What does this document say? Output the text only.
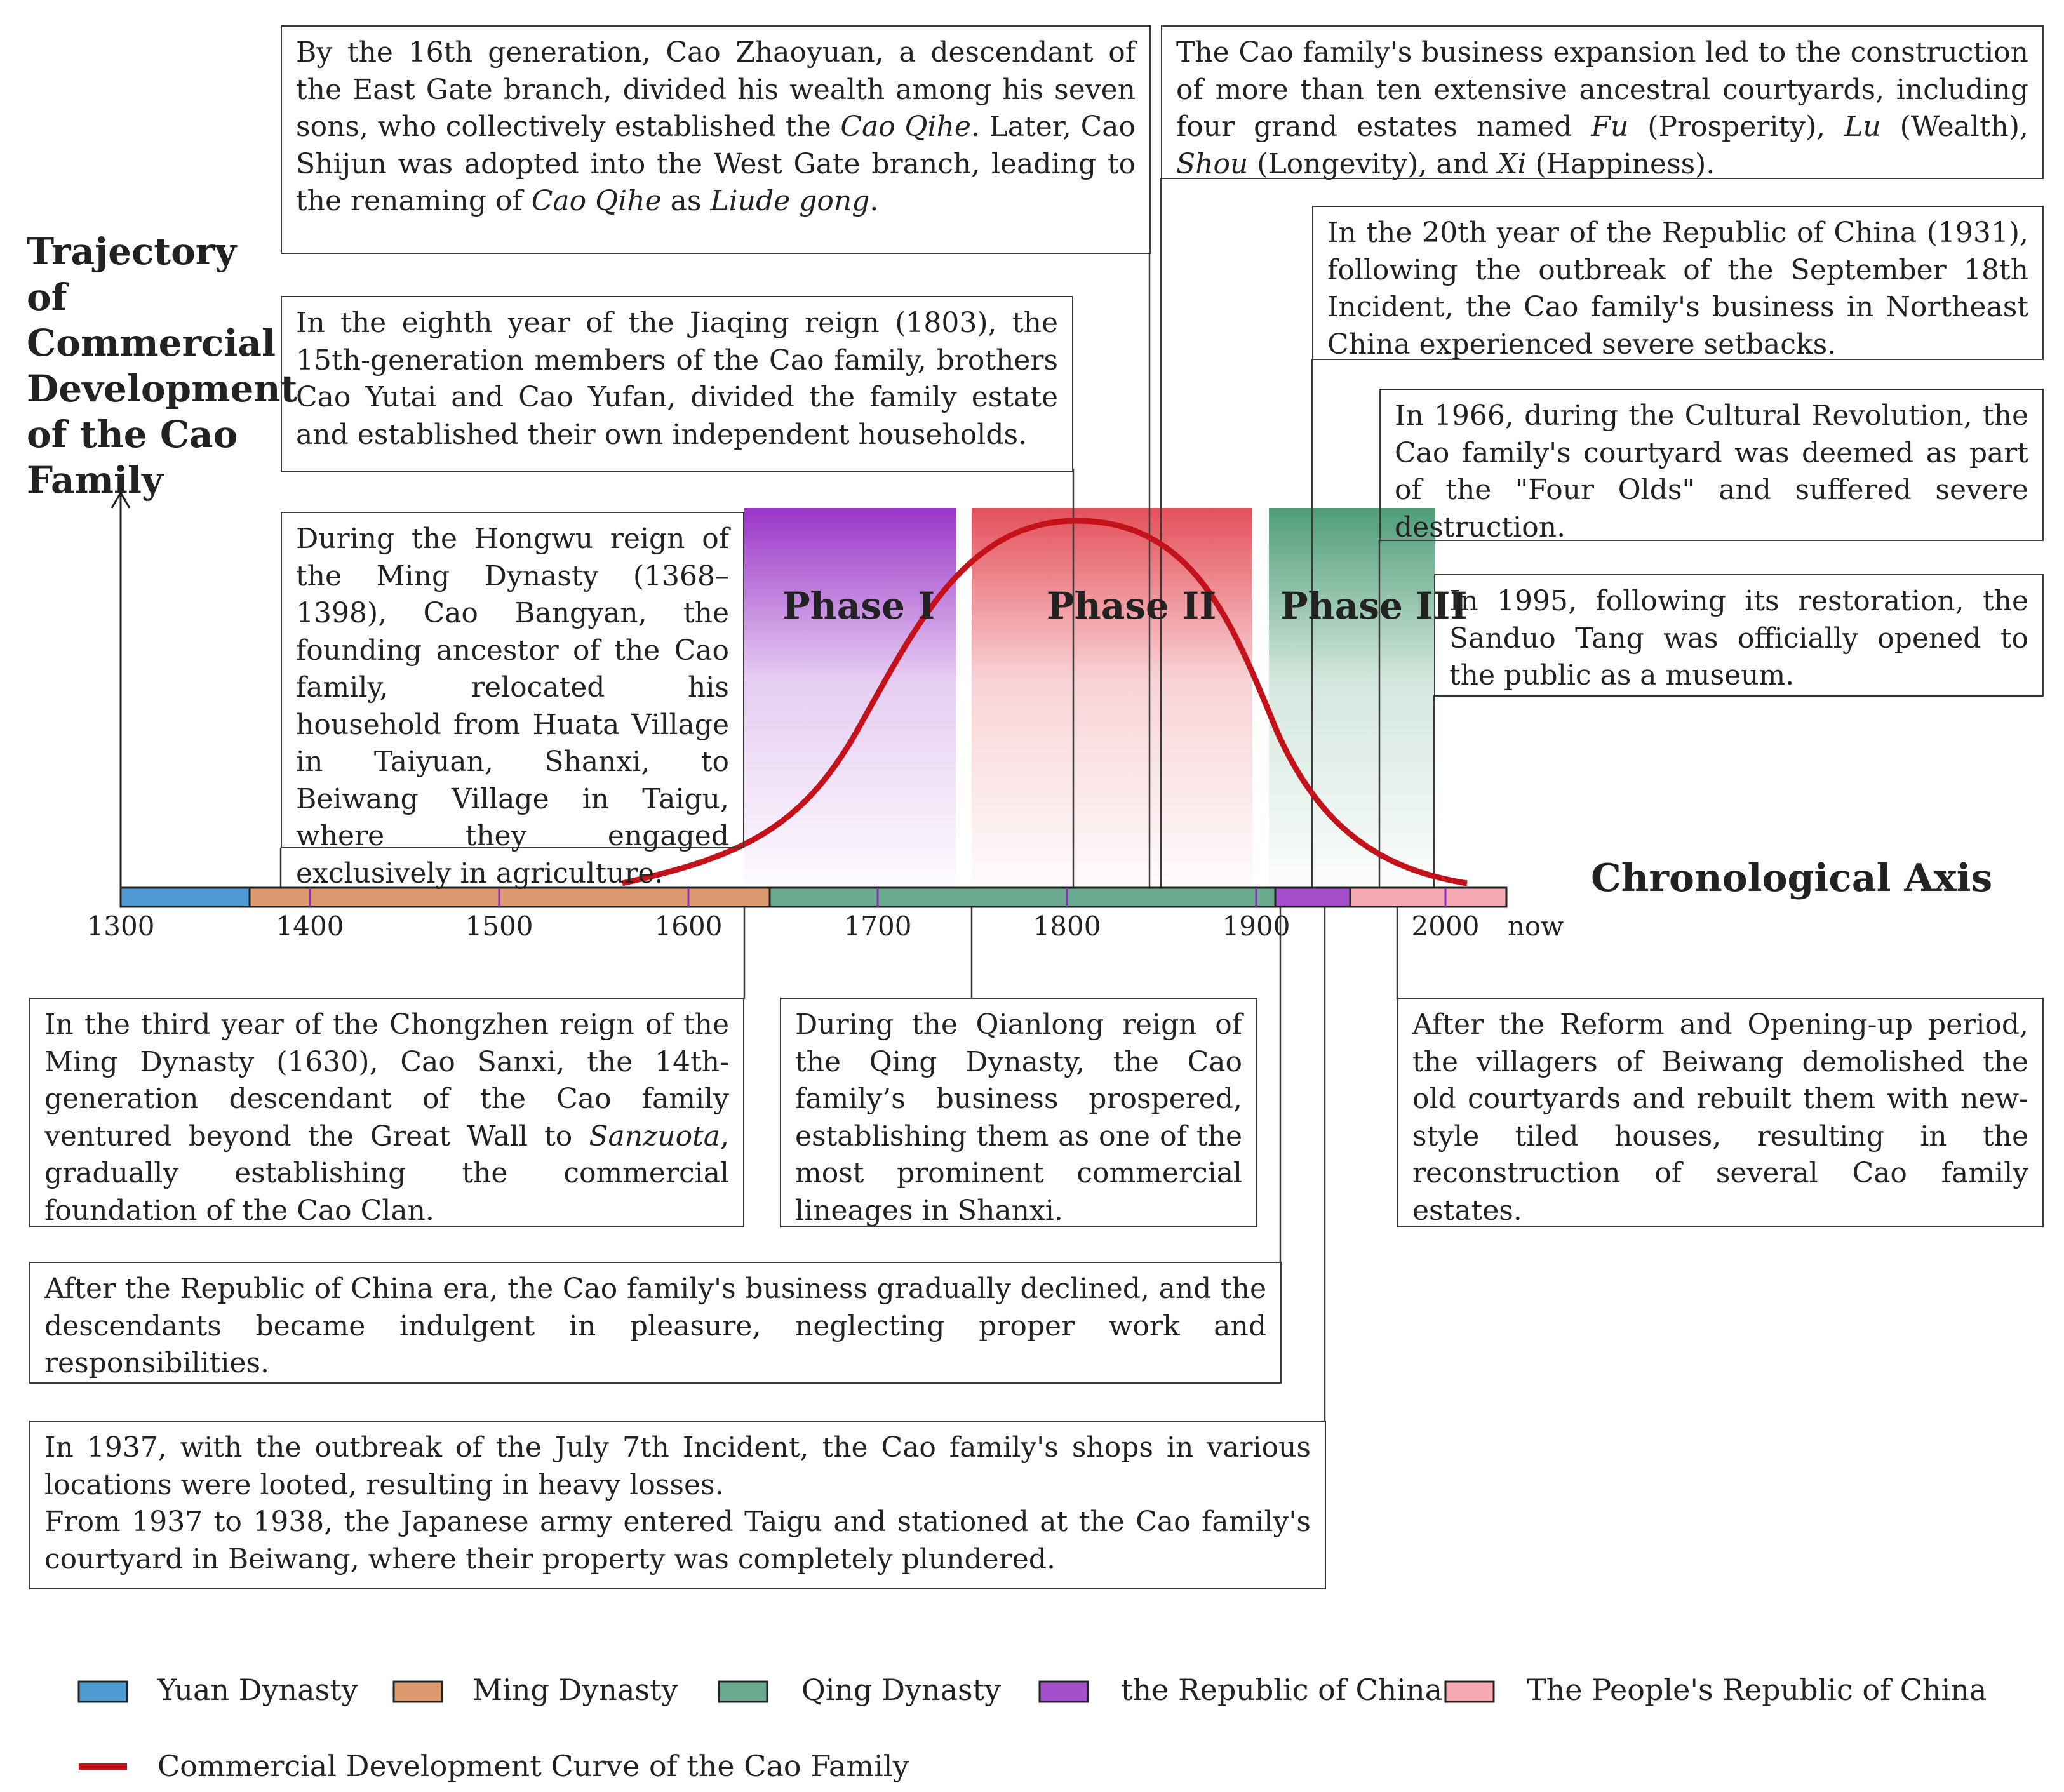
Trajectory of Commercial Development of the Cao Family
Chronological Axis
1300	1400	1500	1600	1700	1800	1900	2000 now
Phase I	Phase II Phase III

By the 16th generation, Cao Zhaoyuan, a descendant of the East Gate branch, divided his wealth among his seven sons, who collectively established the Cao Qihe. Later, Cao Shijun was adopted into the West Gate branch, leading to the renaming of Cao Qihe as Liude gong.

In the eighth year of the Jiaqing reign (1803), the 15th-generation members of the Cao family, brothers Cao Yutai and Cao Yufan, divided the family estate and established their own independent households.

During the Hongwu reign of the Ming Dynasty (1368–1398), Cao Bangyan, the founding ancestor of the Cao family, relocated his household from Huata Village in Taiyuan, Shanxi, to Beiwang Village in Taigu, where they engaged exclusively in agriculture.

The Cao family's business expansion led to the construction of more than ten extensive ancestral courtyards, including four grand estates named Fu (Prosperity), Lu (Wealth), Shou (Longevity), and Xi (Happiness).

In the 20th year of the Republic of China (1931), following the outbreak of the September 18th Incident, the Cao family's business in Northeast China experienced severe setbacks.

In 1966, during the Cultural Revolution, the Cao family's courtyard was deemed as part of the "Four Olds" and suffered severe destruction.

In 1995, following its restoration, the Sanduo Tang was officially opened to the public as a museum.

In the third year of the Chongzhen reign of the Ming Dynasty (1630), Cao Sanxi, the 14th-generation descendant of the Cao family ventured beyond the Great Wall to Sanzuota, gradually establishing the commercial foundation of the Cao Clan.

During the Qianlong reign of the Qing Dynasty, the Cao family’s business prospered, establishing them as one of the most prominent commercial lineages in Shanxi.

After the Reform and Opening-up period, the villagers of Beiwang demolished the old courtyards and rebuilt them with new-style tiled houses, resulting in the reconstruction of several Cao family estates.

After the Republic of China era, the Cao family's business gradually declined, and the descendants became indulgent in pleasure, neglecting proper work and responsibilities.

In 1937, with the outbreak of the July 7th Incident, the Cao family's shops in various locations were looted, resulting in heavy losses.

From 1937 to 1938, the Japanese army entered Taigu and stationed at the Cao family's courtyard in Beiwang, where their property was completely plundered.

Yuan Dynasty	Ming Dynasty	Qing Dynasty	the Republic of China	The People's Republic of China
Commercial Development Curve of the Cao Family
